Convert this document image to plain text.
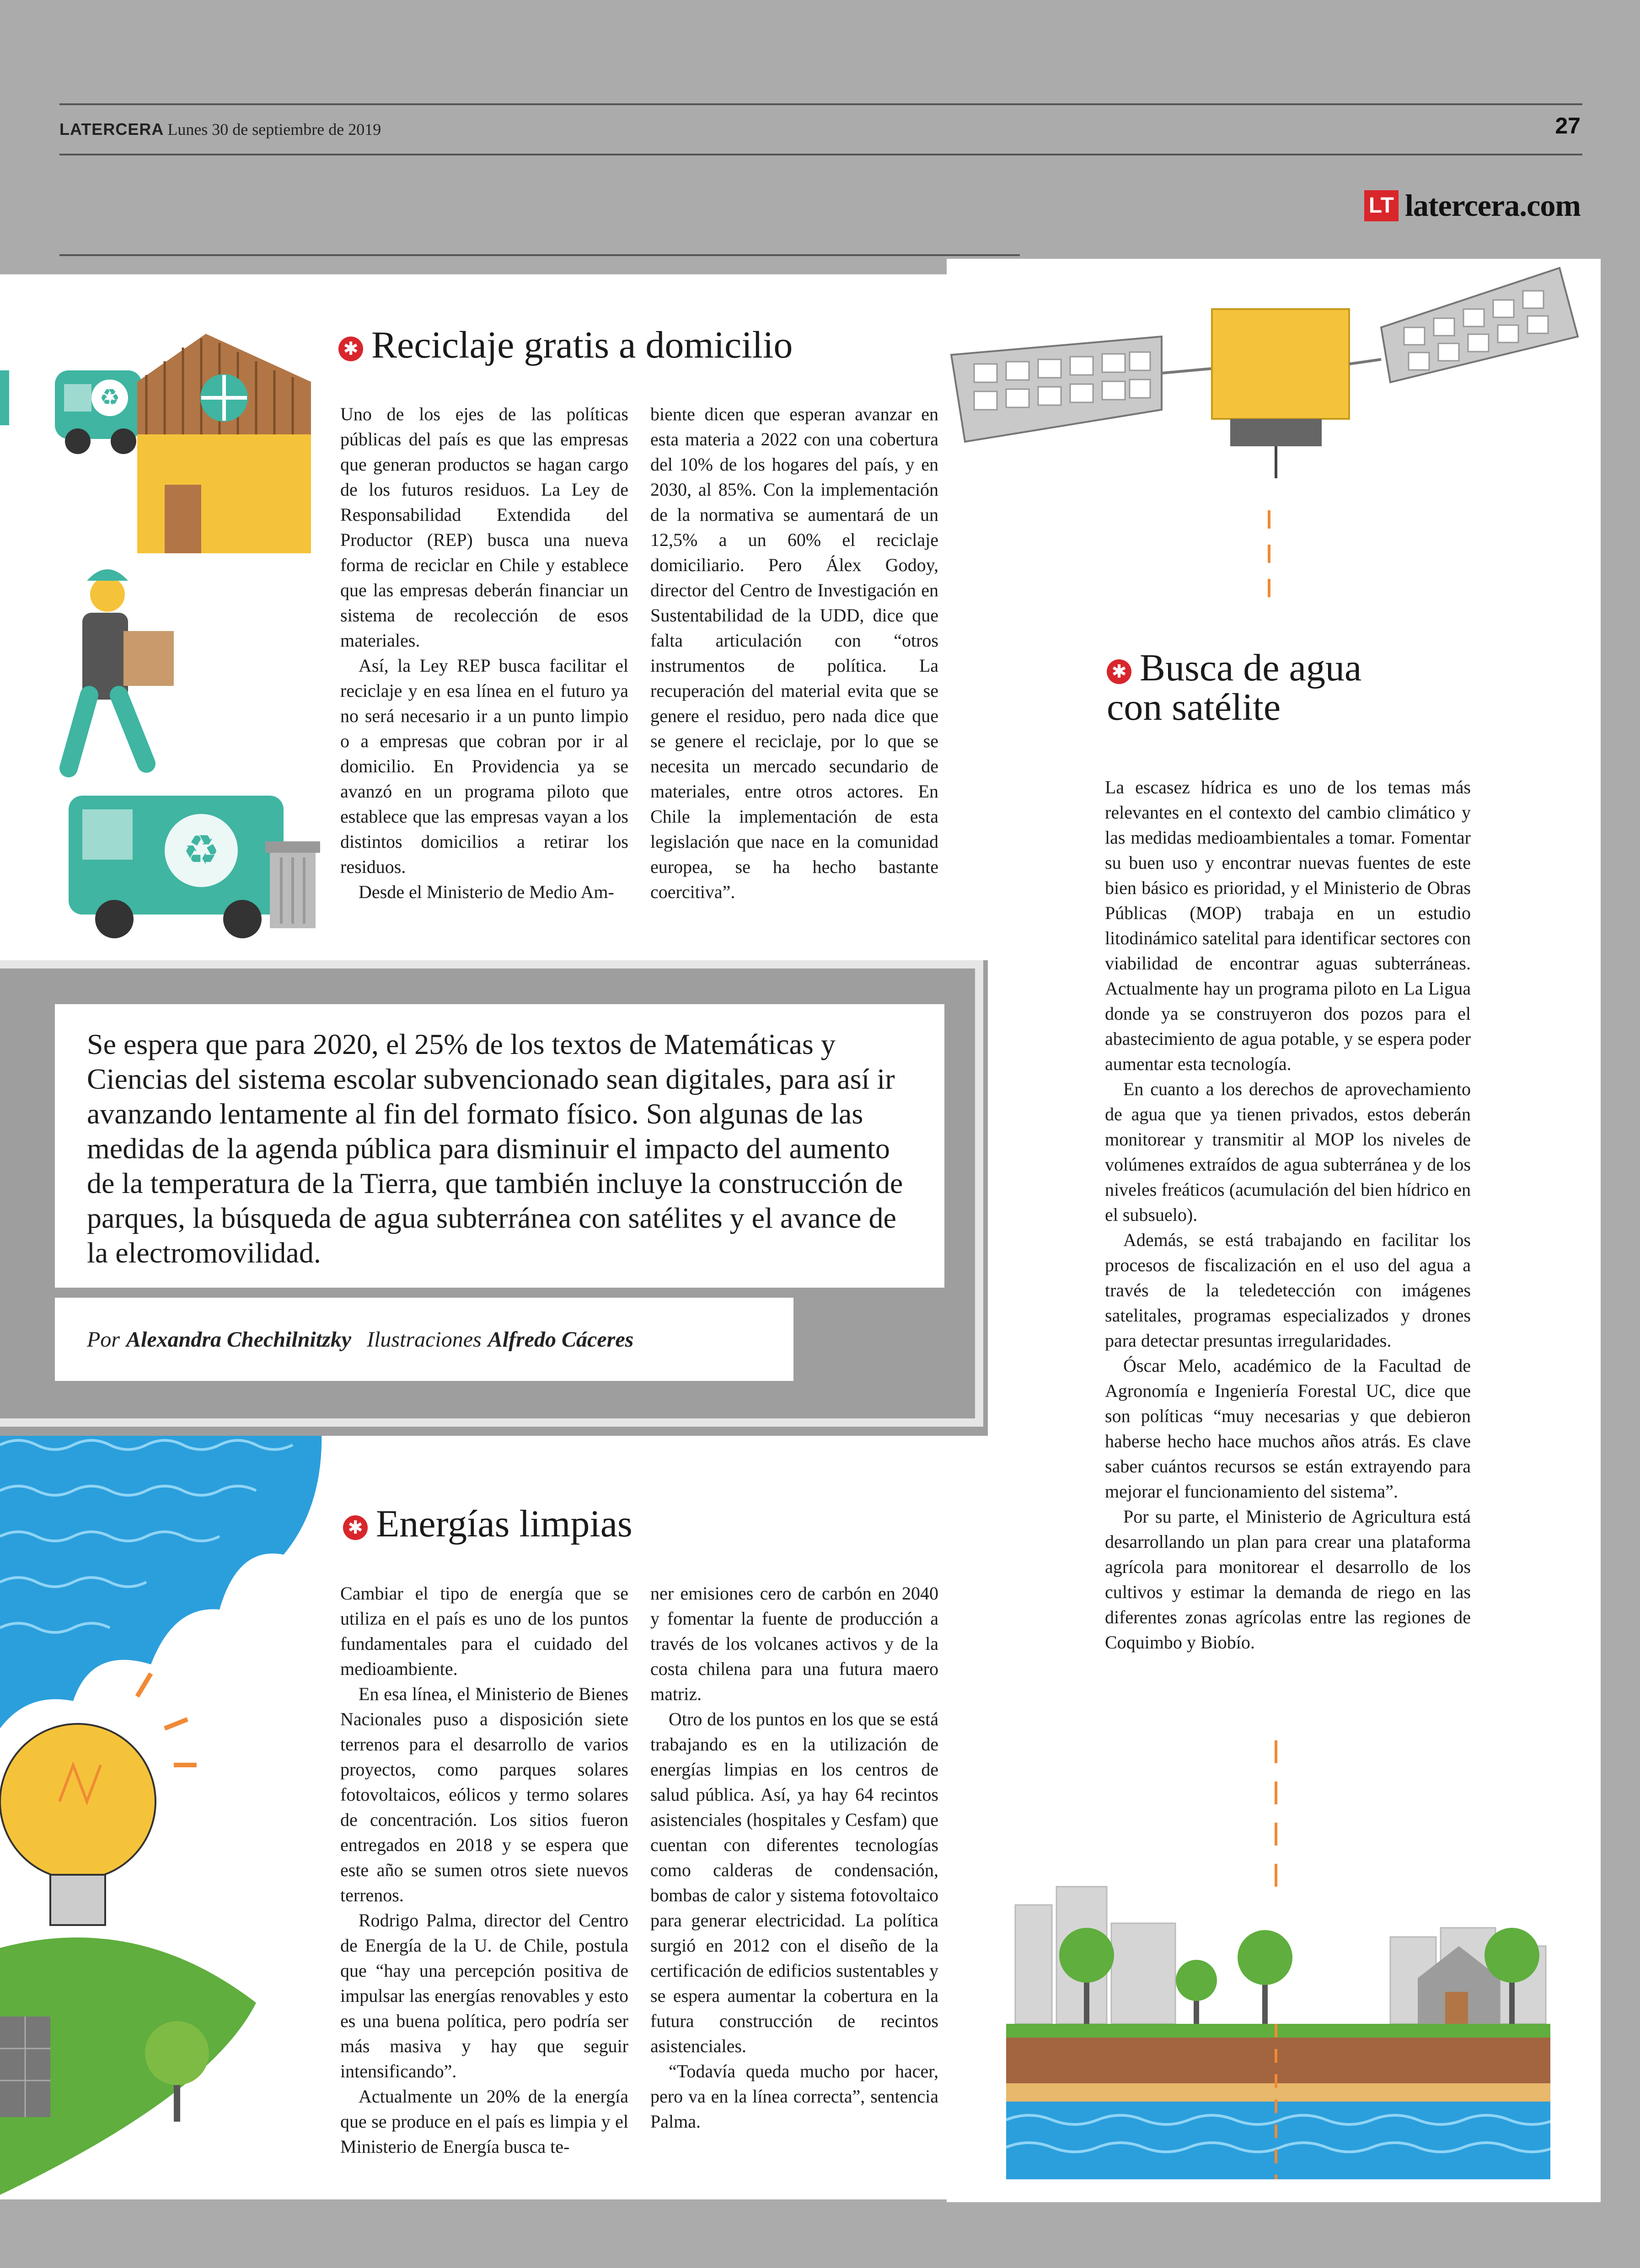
LATERCERA Lunes 30 de septiembre de 2019	27
LT latercera.com
♻
♻
✱ Reciclaje gratis a domicilio

Uno de los ejes de las políticas públicas del país es que las empresas que generan productos se hagan cargo de los futuros residuos. La Ley de Responsabilidad Extendida del Productor (REP) busca una nueva forma de reciclar en Chile y establece que las empresas deberán financiar un sistema de recolección de esos materiales.

Así, la Ley REP busca facilitar el reciclaje y en esa línea en el futuro ya no será necesario ir a un punto limpio o a empresas que cobran por ir al domicilio. En Providencia ya se avanzó en un programa piloto que establece que las empresas vayan a los distintos domicilios a retirar los residuos.

Desde el Ministerio de Medio Am-

biente dicen que esperan avanzar en esta materia a 2022 con una cobertura del 10% de los hogares del país, y en 2030, al 85%. Con la implementación de la normativa se aumentará de un 12,5% a un 60% el reciclaje domiciliario. Pero Álex Godoy, director del Centro de Investigación en Sustentabilidad de la UDD, dice que falta articulación con “otros instrumentos de política. La recuperación del material evita que se genere el residuo, pero nada dice que se genere el reciclaje, por lo que se necesita un mercado secundario de materiales, entre otros actores. En Chile la implementación de esta legislación que nace en la comunidad europea, se ha hecho bastante coercitiva”.

✱ Busca de agua
con satélite

La escasez hídrica es uno de los temas más relevantes en el contexto del cambio climático y las medidas medioambientales a tomar. Fomentar su buen uso y encontrar nuevas fuentes de este bien básico es prioridad, y el Ministerio de Obras Públicas (MOP) trabaja en un estudio litodinámico satelital para identificar sectores con viabilidad de encontrar aguas subterráneas. Actualmente hay un programa piloto en La Ligua donde ya se construyeron dos pozos para el abastecimiento de agua potable, y se espera poder aumentar esta tecnología.

En cuanto a los derechos de aprovechamiento de agua que ya tienen privados, estos deberán monitorear y transmitir al MOP los niveles de volúmenes extraídos de agua subterránea y de los niveles freáticos (acumulación del bien hídrico en el subsuelo).

Además, se está trabajando en facilitar los procesos de fiscalización en el uso del agua a través de la teledetección con imágenes satelitales, programas especializados y drones para detectar presuntas irregularidades.

Óscar Melo, académico de la Facultad de Agronomía e Ingeniería Forestal UC, dice que son políticas “muy necesarias y que debieron haberse hecho hace muchos años atrás. Es clave saber cuántos recursos se están extrayendo para mejorar el funcionamiento del sistema”.

Por su parte, el Ministerio de Agricultura está desarrollando un plan para crear una plataforma agrícola para monitorear el desarrollo de los cultivos y estimar la demanda de riego en las diferentes zonas agrícolas entre las regiones de Coquimbo y Biobío.

✱ Energías limpias

Cambiar el tipo de energía que se utiliza en el país es uno de los puntos fundamentales para el cuidado del medioambiente.

En esa línea, el Ministerio de Bienes Nacionales puso a disposición siete terrenos para el desarrollo de varios proyectos, como parques solares fotovoltaicos, eólicos y termo solares de concentración. Los sitios fueron entregados en 2018 y se espera que este año se sumen otros siete nuevos terrenos.

Rodrigo Palma, director del Centro de Energía de la U. de Chile, postula que “hay una percepción positiva de impulsar las energías renovables y esto es una buena política, pero podría ser más masiva y hay que seguir intensificando”.

Actualmente un 20% de la energía que se produce en el país es limpia y el Ministerio de Energía busca te-

ner emisiones cero de carbón en 2040 y fomentar la fuente de producción a través de los volcanes activos y de la costa chilena para una futura maero matriz.

Otro de los puntos en los que se está trabajando es en la utilización de energías limpias en los centros de salud pública. Así, ya hay 64 recintos asistenciales (hospitales y Cesfam) que cuentan con diferentes tecnologías como calderas de condensación, bombas de calor y sistema fotovoltaico para generar electricidad. La política surgió en 2012 con el diseño de la certificación de edificios sustentables y se espera aumentar la cobertura en la futura construcción de recintos asistenciales.

“Todavía queda mucho por hacer, pero va en la línea correcta”, sentencia Palma.

Se espera que para 2020, el 25% de los textos de Matemáticas y Ciencias del sistema escolar subvencionado sean digitales, para así ir avanzando lentamente al fin del formato físico. Son algunas de las medidas de la agenda pública para disminuir el impacto del aumento de la temperatura de la Tierra, que también incluye la construcción de parques, la búsqueda de agua subterránea con satélites y el avance de la electromovilidad.
Por Alexandra Chechilnitzky Ilustraciones Alfredo Cáceres
